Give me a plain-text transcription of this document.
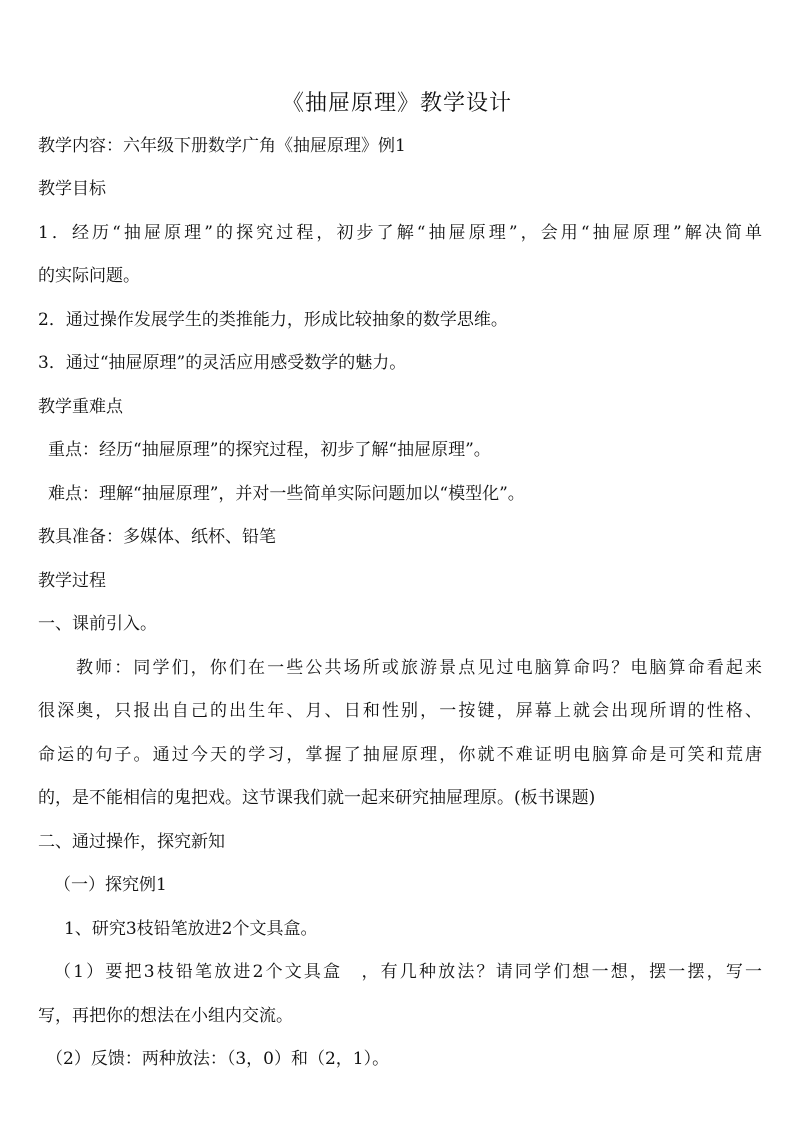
《抽屉原理》教学设计
教学内容：六年级下册数学广角《抽屉原理》例1
教学目标
1．经历“抽屉原理”的探究过程，初步了解“抽屉原理”，会用“抽屉原理”解决简单
的实际问题。
2．通过操作发展学生的类推能力，形成比较抽象的数学思维。
3．通过“抽屉原理”的灵活应用感受数学的魅力。
教学重难点
重点：经历“抽屉原理”的探究过程，初步了解“抽屉原理”。
难点：理解“抽屉原理”，并对一些简单实际问题加以“模型化”。
教具准备：多媒体、纸杯、铅笔
教学过程
一、课前引入。
教师：同学们，你们在一些公共场所或旅游景点见过电脑算命吗？电脑算命看起来
很深奥，只报出自己的出生年、月、日和性别，一按键，屏幕上就会出现所谓的性格、
命运的句子。通过今天的学习，掌握了抽屉原理，你就不难证明电脑算命是可笑和荒唐
的，是不能相信的鬼把戏。这节课我们就一起来研究抽屉理原。(板书课题)
二、通过操作，探究新知
（一）探究例1
1、研究3枝铅笔放进2个文具盒。
（1）要把3枝铅笔放进2个文具盒　，有几种放法？请同学们想一想，摆一摆，写一
写，再把你的想法在小组内交流。
（2）反馈：两种放法：（3，0）和（2，1）。
